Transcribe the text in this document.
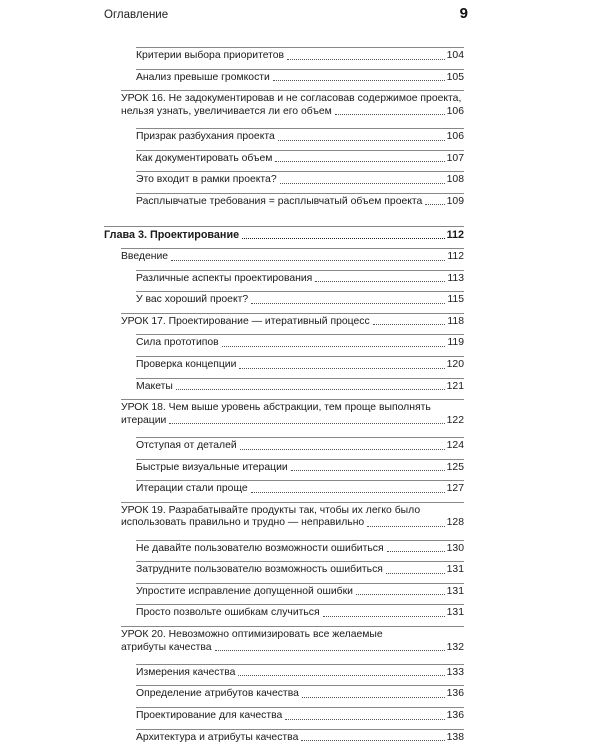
Оглавление	9
Критерии выбора приоритетов	104
Анализ превыше громкости	105
УРОК 16. Не задокументировав и не согласовав содержимое проекта,
нельзя узнать, увеличивается ли его объем	106
Призрак разбухания проекта	106
Как документировать объем	107
Это входит в рамки проекта?	108
Расплывчатые требования = расплывчатый объем проекта 109
Глава 3. Проектирование	112
Введение	112
Различные аспекты проектирования	113
У вас хороший проект?	115
УРОК 17. Проектирование — итеративный процесс	118
Сила прототипов	119
Проверка концепции	120
Макеты	121
УРОК 18. Чем выше уровень абстракции, тем проще выполнять
итерации	122
Отступая от деталей	124
Быстрые визуальные итерации	125
Итерации стали проще	127
УРОК 19. Разрабатывайте продукты так, чтобы их легко было
использовать правильно и трудно — неправильно	128
Не давайте пользователю возможности ошибиться	130
Затрудните пользователю возможность ошибиться	131
Упростите исправление допущенной ошибки	131
Просто позвольте ошибкам случиться	131
УРОК 20. Невозможно оптимизировать все желаемые
атрибуты качества	132
Измерения качества	133
Определение атрибутов качества	136
Проектирование для качества	136
Архитектура и атрибуты качества	138
